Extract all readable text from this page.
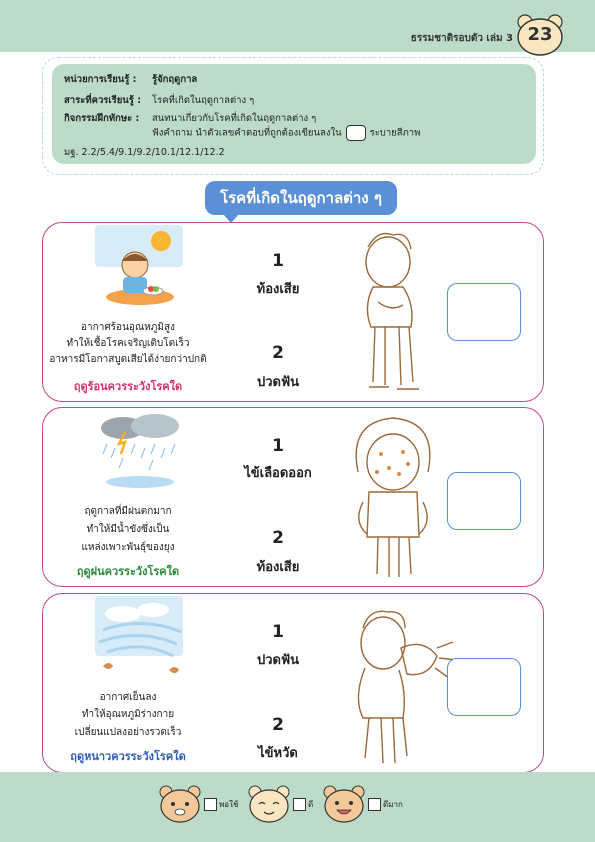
ธรรมชาติรอบตัว เล่ม 3 23
หน่วยการเรียนรู้ : รู้จักฤดูกาล
สาระที่ควรเรียนรู้ : โรคที่เกิดในฤดูกาลต่าง ๆ
กิจกรรมฝึกทักษะ : สนทนาเกี่ยวกับโรคที่เกิดในฤดูกาลต่าง ๆ
ฟังคำถาม นำตัวเลขคำตอบที่ถูกต้องเขียนลงใน	ระบายสีภาพ
มฐ. 2.2/5.4/9.1/9.2/10.1/12.1/12.2
โรคที่เกิดในฤดูกาลต่าง ๆ
อากาศร้อนอุณหภูมิสูง
ทำให้เชื้อโรคเจริญเติบโตเร็ว
อาหารมีโอกาสบูดเสียได้ง่ายกว่าปกติ
ฤดูร้อนควรระวังโรคใด
1
ท้องเสีย
2
ปวดฟัน
ฤดูกาลที่มีฝนตกมาก
ทำให้มีน้ำขังซึ่งเป็น
แหล่งเพาะพันธุ์ของยุง
ฤดูฝนควรระวังโรคใด
1
ไข้เลือดออก
2
ท้องเสีย
อากาศเย็นลง
ทำให้อุณหภูมิร่างกาย
เปลี่ยนแปลงอย่างรวดเร็ว
ฤดูหนาวควรระวังโรคใด
1
ปวดฟัน
2
ไข้หวัด
พอใช้	ดี	ดีมาก
